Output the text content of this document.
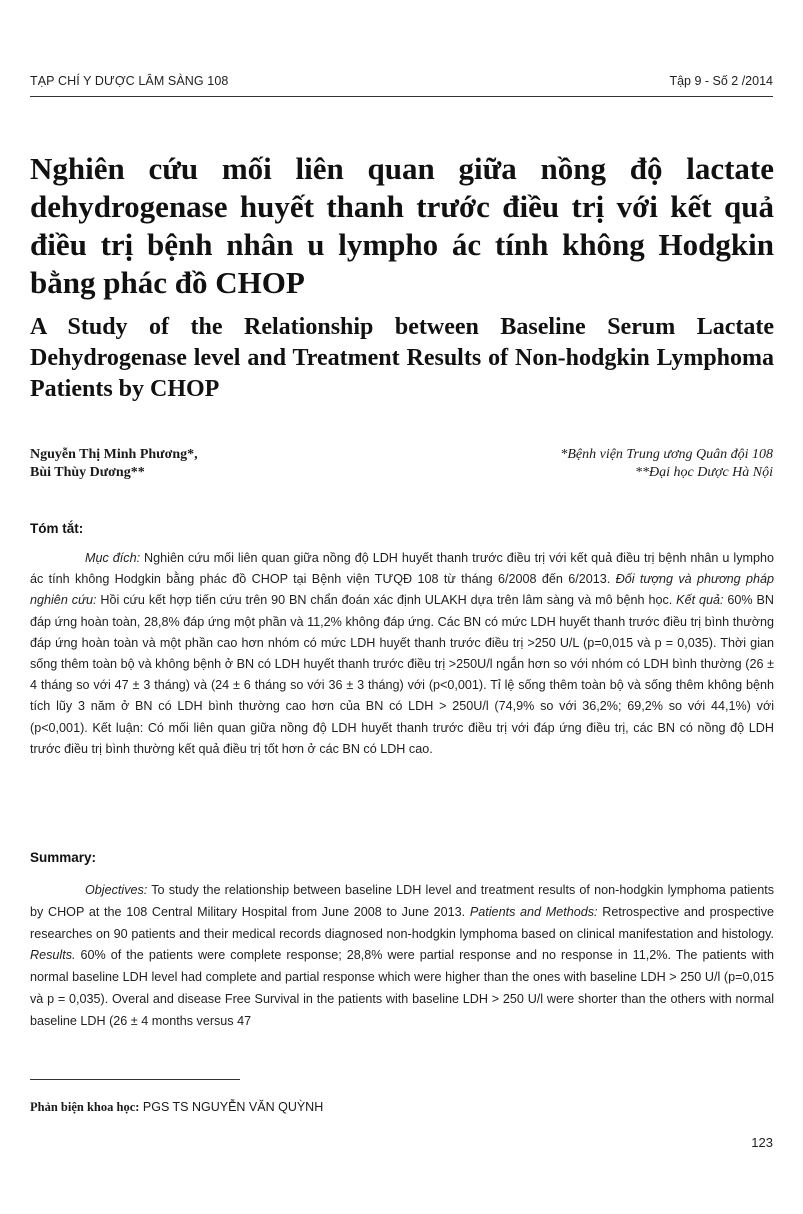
TẠP CHÍ Y DƯỢC LÂM SÀNG 108	Tập 9 - Số 2 /2014
Nghiên cứu mối liên quan giữa nồng độ lactate dehydrogenase huyết thanh trước điều trị với kết quả điều trị bệnh nhân u lympho ác tính không Hodgkin bằng phác đồ CHOP
A Study of the Relationship between Baseline Serum Lactate Dehydrogenase level and Treatment Results of Non-hodgkin Lymphoma Patients by CHOP
Nguyễn Thị Minh Phương*,
Bùi Thùy Dương**
*Bệnh viện Trung ương Quân đội 108
**Đại học Dược Hà Nội
Tóm tắt:

Mục đích: Nghiên cứu mối liên quan giữa nồng độ LDH huyết thanh trước điều trị với kết quả điều trị bệnh nhân u lympho ác tính không Hodgkin bằng phác đồ CHOP tại Bệnh viện TƯQĐ 108 từ tháng 6/2008 đến 6/2013. Đối tượng và phương pháp nghiên cứu: Hồi cứu kết hợp tiến cứu trên 90 BN chẩn đoán xác định ULAKH dựa trên lâm sàng và mô bệnh học. Kết quả: 60% BN đáp ứng hoàn toàn, 28,8% đáp ứng một phần và 11,2% không đáp ứng. Các BN có mức LDH huyết thanh trước điều trị bình thường đáp ứng hoàn toàn và một phần cao hơn nhóm có mức LDH huyết thanh trước điều trị >250 U/L (p=0,015 và p = 0,035). Thời gian sống thêm toàn bộ và không bệnh ở BN có LDH huyết thanh trước điều trị >250U/l ngắn hơn so với nhóm có LDH bình thường (26 ± 4 tháng so với 47 ± 3 tháng) và (24 ± 6 tháng so với 36 ± 3 tháng) với (p<0,001). Tỉ lệ sống thêm toàn bộ và sống thêm không bệnh tích lũy 3 năm ở BN có LDH bình thường cao hơn của BN có LDH > 250U/l (74,9% so với 36,2%; 69,2% so với 44,1%) với (p<0,001). Kết luận: Có mối liên quan giữa nồng độ LDH huyết thanh trước điều trị với đáp ứng điều trị, các BN có nồng độ LDH trước điều trị bình thường kết quả điều trị tốt hơn ở các BN có LDH cao.

Summary:

Objectives: To study the relationship between baseline LDH level and treatment results of non-hodgkin lymphoma patients by CHOP at the 108 Central Military Hospital from June 2008 to June 2013. Patients and Methods: Retrospective and prospective researches on 90 patients and their medical records diagnosed non-hodgkin lymphoma based on clinical manifestation and histology. Results. 60% of the patients were complete response; 28,8% were partial response and no response in 11,2%. The patients with normal baseline LDH level had complete and partial response which were higher than the ones with baseline LDH > 250 U/l (p=0,015 và p = 0,035). Overal and disease Free Survival in the patients with baseline LDH > 250 U/l were shorter than the others with normal baseline LDH (26 ± 4 months versus 47

Phản biện khoa học: PGS TS NGUYỄN VĂN QUỲNH
123
